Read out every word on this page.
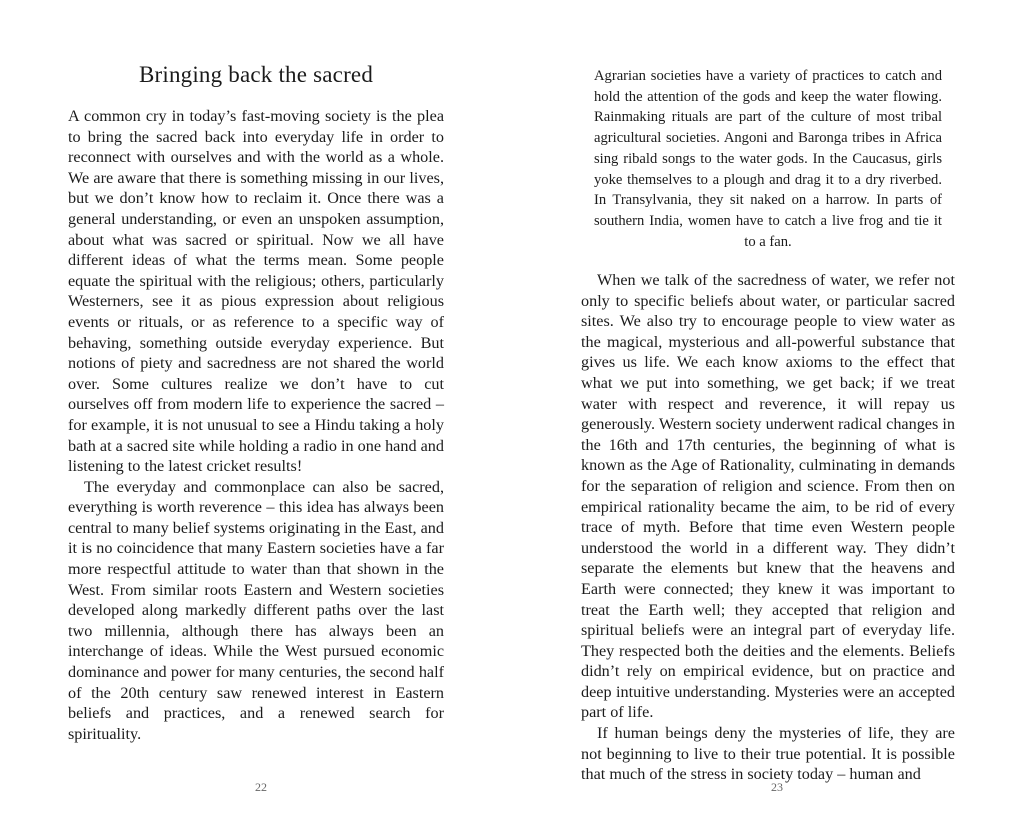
Bringing back the sacred

A common cry in today’s fast-moving society is the plea to bring the sacred back into everyday life in order to reconnect with ourselves and with the world as a whole. We are aware that there is something missing in our lives, but we don’t know how to reclaim it. Once there was a general understanding, or even an unspoken assumption, about what was sacred or spiritual. Now we all have different ideas of what the terms mean. Some people equate the spiritual with the religious; others, particularly Westerners, see it as pious expression about religious events or rituals, or as reference to a specific way of behaving, something outside everyday experience. But notions of piety and sacredness are not shared the world over. Some cultures realize we don’t have to cut ourselves off from modern life to experience the sacred – for example, it is not unusual to see a Hindu taking a holy bath at a sacred site while holding a radio in one hand and listening to the latest cricket results!

The everyday and commonplace can also be sacred, everything is worth reverence – this idea has always been central to many belief systems originating in the East, and it is no coincidence that many Eastern societies have a far more respectful attitude to water than that shown in the West. From similar roots Eastern and Western societies developed along markedly different paths over the last two millennia, although there has always been an interchange of ideas. While the West pursued economic dominance and power for many centuries, the second half of the 20th century saw renewed interest in Eastern beliefs and practices, and a renewed search for spirituality.

22	23

Agrarian societies have a variety of practices to catch and hold the attention of the gods and keep the water flowing. Rainmaking rituals are part of the culture of most tribal agricultural societies. Angoni and Baronga tribes in Africa sing ribald songs to the water gods. In the Caucasus, girls yoke themselves to a plough and drag it to a dry riverbed. In Transylvania, they sit naked on a harrow. In parts of southern India, women have to catch a live frog and tie it to a fan.

When we talk of the sacredness of water, we refer not only to specific beliefs about water, or particular sacred sites. We also try to encourage people to view water as the magical, mysterious and all-powerful substance that gives us life. We each know axioms to the effect that what we put into something, we get back; if we treat water with respect and reverence, it will repay us generously. Western society underwent radical changes in the 16th and 17th centuries, the beginning of what is known as the Age of Rationality, culminating in demands for the separation of religion and science. From then on empirical rationality became the aim, to be rid of every trace of myth. Before that time even Western people understood the world in a different way. They didn’t separate the elements but knew that the heavens and Earth were connected; they knew it was important to treat the Earth well; they accepted that religion and spiritual beliefs were an integral part of everyday life. They respected both the deities and the elements. Beliefs didn’t rely on empirical evidence, but on practice and deep intuitive understanding. Mysteries were an accepted part of life.

If human beings deny the mysteries of life, they are not beginning to live to their true potential. It is possible that much of the stress in society today – human and
